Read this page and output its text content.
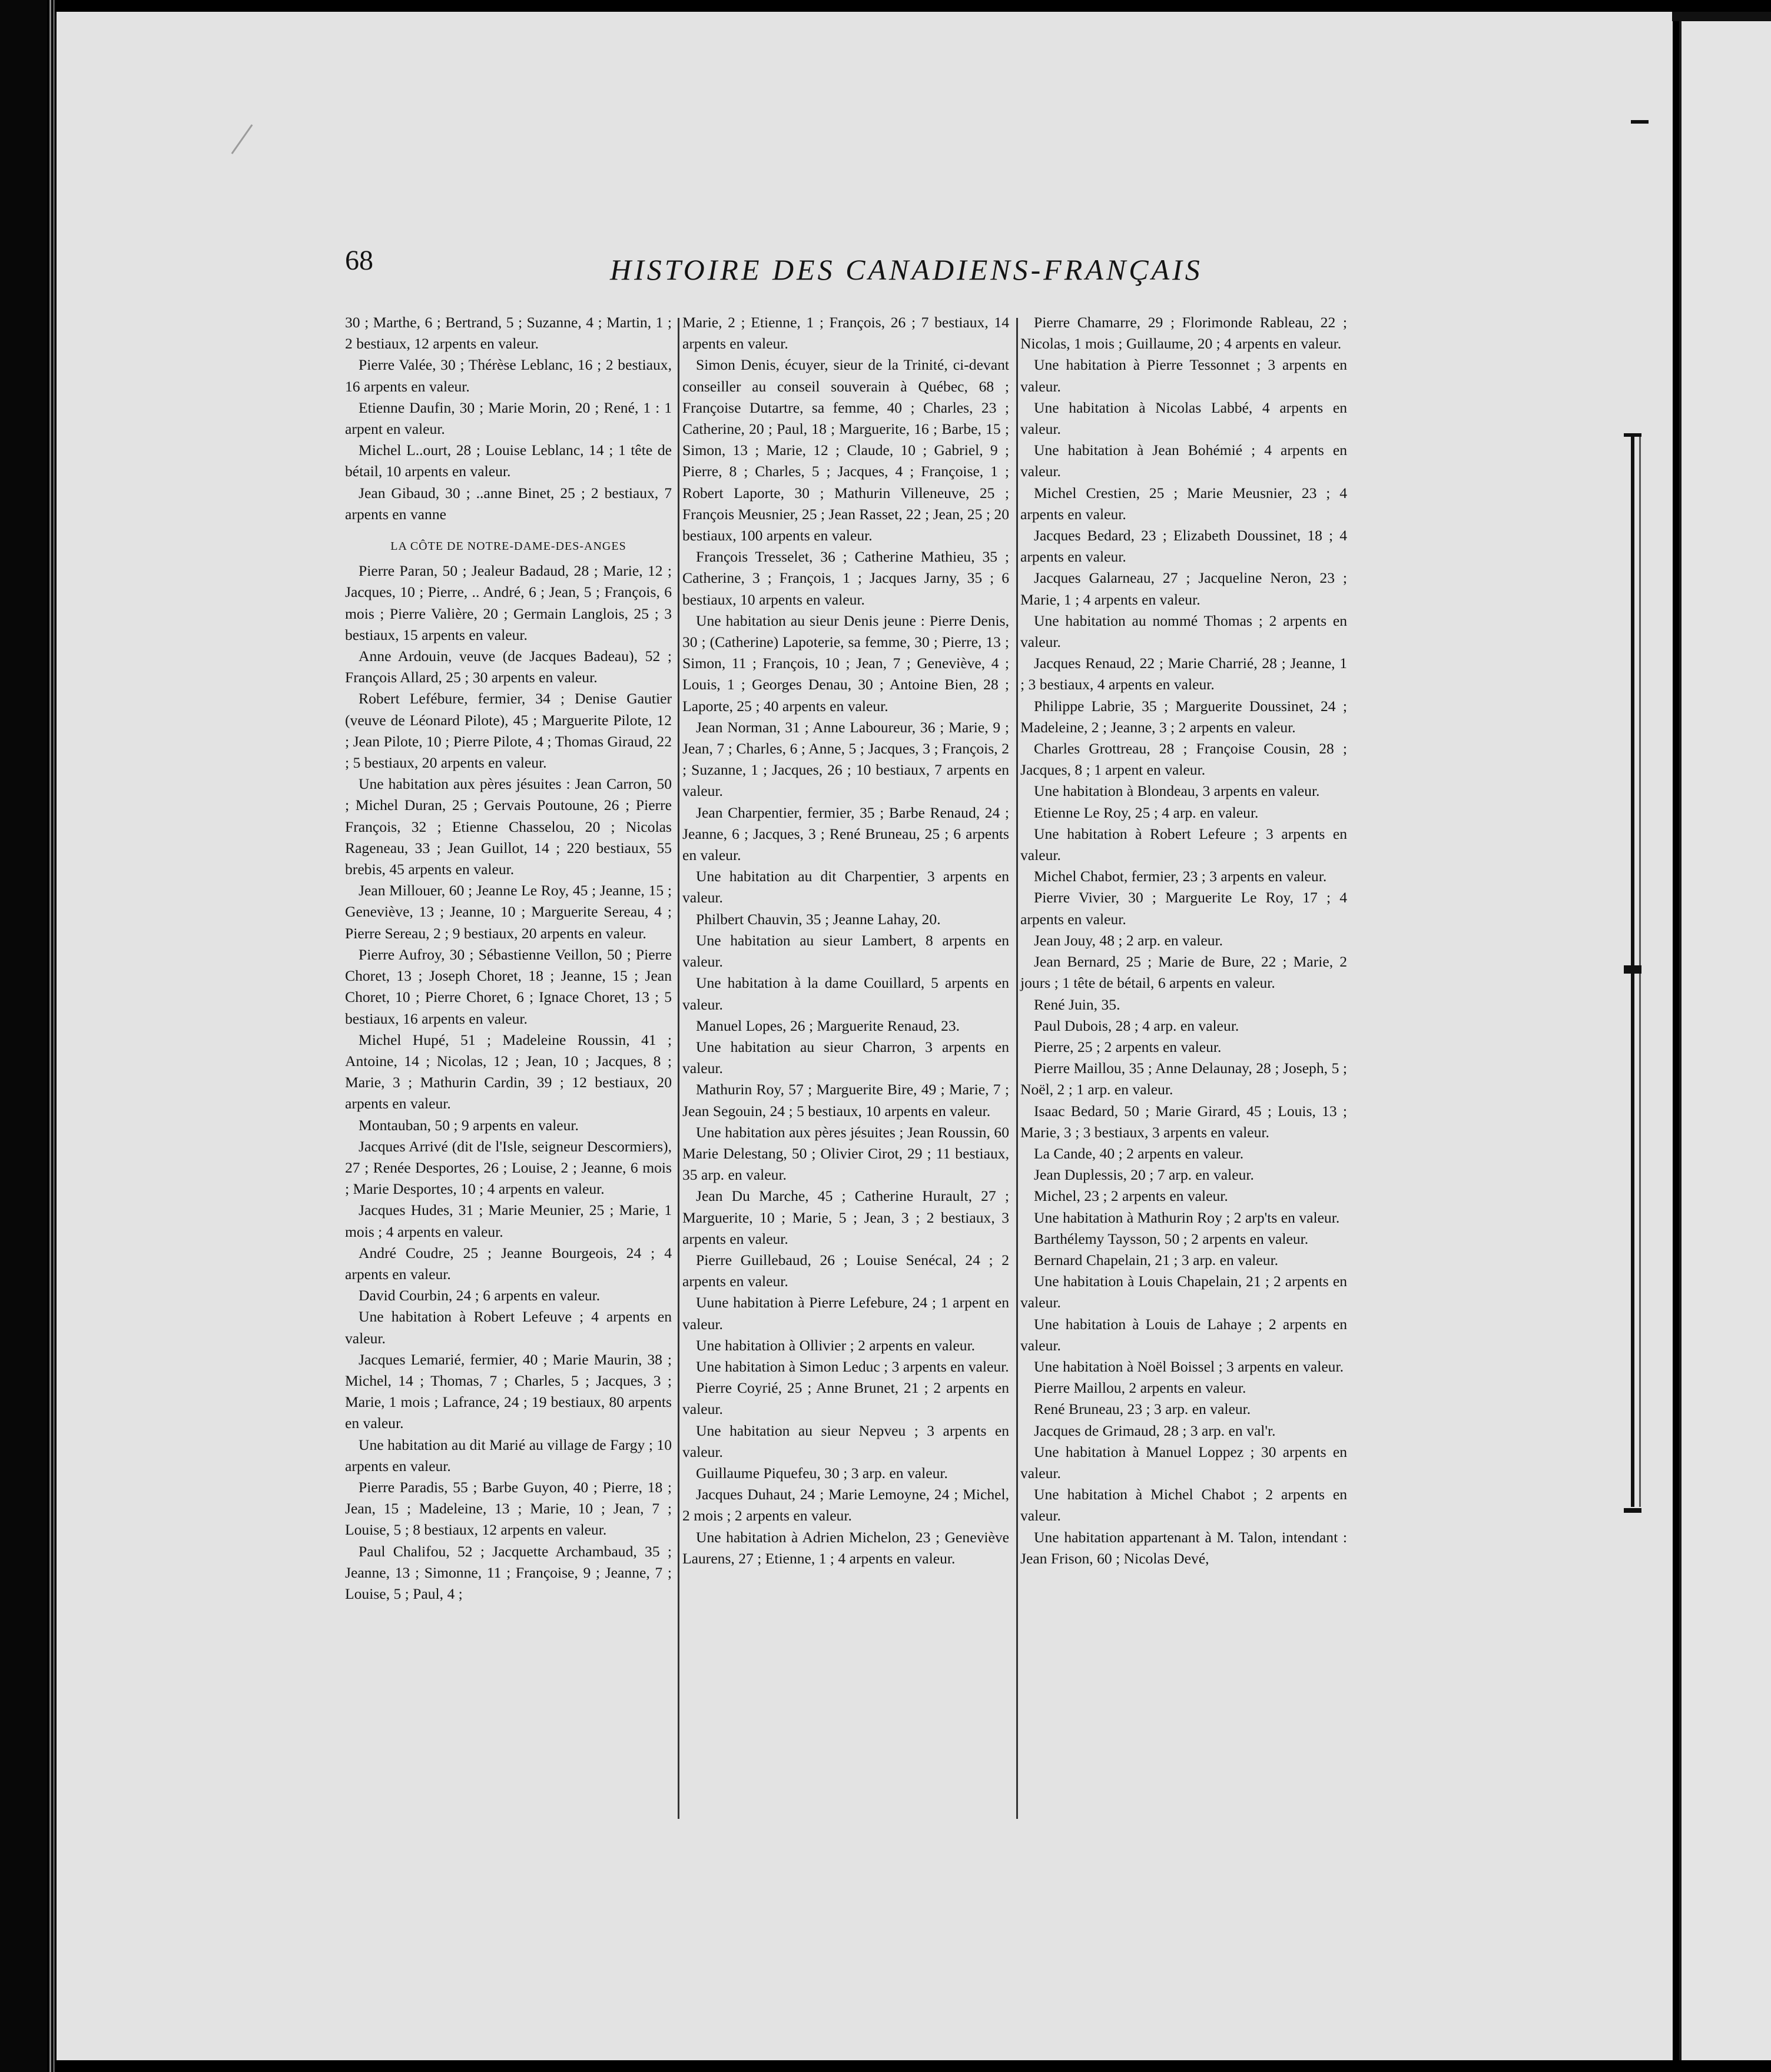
68	HISTOIRE DES CANADIENS-FRANÇAIS

30 ; Marthe, 6 ; Bertrand, 5 ; Suzanne, 4 ; Martin, 1 ; 2 bestiaux, 12 arpents en valeur.

Pierre Valée, 30 ; Thérèse Leblanc, 16 ; 2 bestiaux, 16 arpents en valeur.

Etienne Daufin, 30 ; Marie Morin, 20 ; René, 1 : 1 arpent en valeur.

Michel L..ourt, 28 ; Louise Leblanc, 14 ; 1 tête de bétail, 10 arpents en valeur.

Jean Gibaud, 30 ; ..anne Binet, 25 ; 2 bestiaux, 7 arpents en vanne

LA CÔTE DE NOTRE-DAME-DES-ANGES

Pierre Paran, 50 ; Jealeur Badaud, 28 ; Marie, 12 ; Jacques, 10 ; Pierre, .. André, 6 ; Jean, 5 ; François, 6 mois ; Pierre Valière, 20 ; Germain Langlois, 25 ; 3 bestiaux, 15 arpents en valeur.

Anne Ardouin, veuve (de Jacques Badeau), 52 ; François Allard, 25 ; 30 arpents en valeur.

Robert Lefébure, fermier, 34 ; Denise Gautier (veuve de Léonard Pilote), 45 ; Marguerite Pilote, 12 ; Jean Pilote, 10 ; Pierre Pilote, 4 ; Thomas Giraud, 22 ; 5 bestiaux, 20 arpents en valeur.

Une habitation aux pères jésuites : Jean Carron, 50 ; Michel Duran, 25 ; Gervais Poutoune, 26 ; Pierre François, 32 ; Etienne Chasselou, 20 ; Nicolas Rageneau, 33 ; Jean Guillot, 14 ; 220 bestiaux, 55 brebis, 45 arpents en valeur.

Jean Millouer, 60 ; Jeanne Le Roy, 45 ; Jeanne, 15 ; Geneviève, 13 ; Jeanne, 10 ; Marguerite Sereau, 4 ; Pierre Sereau, 2 ; 9 bestiaux, 20 arpents en valeur.

Pierre Aufroy, 30 ; Sébastienne Veillon, 50 ; Pierre Choret, 13 ; Joseph Choret, 18 ; Jeanne, 15 ; Jean Choret, 10 ; Pierre Choret, 6 ; Ignace Choret, 13 ; 5 bestiaux, 16 arpents en valeur.

Michel Hupé, 51 ; Madeleine Roussin, 41 ; Antoine, 14 ; Nicolas, 12 ; Jean, 10 ; Jacques, 8 ; Marie, 3 ; Mathurin Cardin, 39 ; 12 bestiaux, 20 arpents en valeur.

Montauban, 50 ; 9 arpents en valeur.

Jacques Arrivé (dit de l'Isle, seigneur Descormiers), 27 ; Renée Desportes, 26 ; Louise, 2 ; Jeanne, 6 mois ; Marie Desportes, 10 ; 4 arpents en valeur.

Jacques Hudes, 31 ; Marie Meunier, 25 ; Marie, 1 mois ; 4 arpents en valeur.

André Coudre, 25 ; Jeanne Bourgeois, 24 ; 4 arpents en valeur.

David Courbin, 24 ; 6 arpents en valeur.

Une habitation à Robert Lefeuve ; 4 arpents en valeur.

Jacques Lemarié, fermier, 40 ; Marie Maurin, 38 ; Michel, 14 ; Thomas, 7 ; Charles, 5 ; Jacques, 3 ; Marie, 1 mois ; Lafrance, 24 ; 19 bestiaux, 80 arpents en valeur.

Une habitation au dit Marié au village de Fargy ; 10 arpents en valeur.

Pierre Paradis, 55 ; Barbe Guyon, 40 ; Pierre, 18 ; Jean, 15 ; Madeleine, 13 ; Marie, 10 ; Jean, 7 ; Louise, 5 ; 8 bestiaux, 12 arpents en valeur.

Paul Chalifou, 52 ; Jacquette Archambaud, 35 ; Jeanne, 13 ; Simonne, 11 ; Françoise, 9 ; Jeanne, 7 ; Louise, 5 ; Paul, 4 ;

Marie, 2 ; Etienne, 1 ; François, 26 ; 7 bestiaux, 14 arpents en valeur.

Simon Denis, écuyer, sieur de la Trinité, ci-devant conseiller au conseil souverain à Québec, 68 ; Françoise Dutartre, sa femme, 40 ; Charles, 23 ; Catherine, 20 ; Paul, 18 ; Marguerite, 16 ; Barbe, 15 ; Simon, 13 ; Marie, 12 ; Claude, 10 ; Gabriel, 9 ; Pierre, 8 ; Charles, 5 ; Jacques, 4 ; Françoise, 1 ; Robert Laporte, 30 ; Mathurin Villeneuve, 25 ; François Meusnier, 25 ; Jean Rasset, 22 ; Jean, 25 ; 20 bestiaux, 100 arpents en valeur.

François Tresselet, 36 ; Catherine Mathieu, 35 ; Catherine, 3 ; François, 1 ; Jacques Jarny, 35 ; 6 bestiaux, 10 arpents en valeur.

Une habitation au sieur Denis jeune : Pierre Denis, 30 ; (Catherine) Lapoterie, sa femme, 30 ; Pierre, 13 ; Simon, 11 ; François, 10 ; Jean, 7 ; Geneviève, 4 ; Louis, 1 ; Georges Denau, 30 ; Antoine Bien, 28 ; Laporte, 25 ; 40 arpents en valeur.

Jean Norman, 31 ; Anne Laboureur, 36 ; Marie, 9 ; Jean, 7 ; Charles, 6 ; Anne, 5 ; Jacques, 3 ; François, 2 ; Suzanne, 1 ; Jacques, 26 ; 10 bestiaux, 7 arpents en valeur.

Jean Charpentier, fermier, 35 ; Barbe Renaud, 24 ; Jeanne, 6 ; Jacques, 3 ; René Bruneau, 25 ; 6 arpents en valeur.

Une habitation au dit Charpentier, 3 arpents en valeur.

Philbert Chauvin, 35 ; Jeanne Lahay, 20.

Une habitation au sieur Lambert, 8 arpents en valeur.

Une habitation à la dame Couillard, 5 arpents en valeur.

Manuel Lopes, 26 ; Marguerite Renaud, 23.

Une habitation au sieur Charron, 3 arpents en valeur.

Mathurin Roy, 57 ; Marguerite Bire, 49 ; Marie, 7 ; Jean Segouin, 24 ; 5 bestiaux, 10 arpents en valeur.

Une habitation aux pères jésuites ; Jean Roussin, 60 Marie Delestang, 50 ; Olivier Cirot, 29 ; 11 bestiaux, 35 arp. en valeur.

Jean Du Marche, 45 ; Catherine Hurault, 27 ; Marguerite, 10 ; Marie, 5 ; Jean, 3 ; 2 bestiaux, 3 arpents en valeur.

Pierre Guillebaud, 26 ; Louise Senécal, 24 ; 2 arpents en valeur.

Uune habitation à Pierre Lefebure, 24 ; 1 arpent en valeur.

Une habitation à Ollivier ; 2 arpents en valeur.

Une habitation à Simon Leduc ; 3 arpents en valeur.

Pierre Coyrié, 25 ; Anne Brunet, 21 ; 2 arpents en valeur.

Une habitation au sieur Nepveu ; 3 arpents en valeur.

Guillaume Piquefeu, 30 ; 3 arp. en valeur.

Jacques Duhaut, 24 ; Marie Lemoyne, 24 ; Michel, 2 mois ; 2 arpents en valeur.

Une habitation à Adrien Michelon, 23 ; Geneviève Laurens, 27 ; Etienne, 1 ; 4 arpents en valeur.

Pierre Chamarre, 29 ; Florimonde Rableau, 22 ; Nicolas, 1 mois ; Guillaume, 20 ; 4 arpents en valeur.

Une habitation à Pierre Tessonnet ; 3 arpents en valeur.

Une habitation à Nicolas Labbé, 4 arpents en valeur.

Une habitation à Jean Bohémié ; 4 arpents en valeur.

Michel Crestien, 25 ; Marie Meusnier, 23 ; 4 arpents en valeur.

Jacques Bedard, 23 ; Elizabeth Doussinet, 18 ; 4 arpents en valeur.

Jacques Galarneau, 27 ; Jacqueline Neron, 23 ; Marie, 1 ; 4 arpents en valeur.

Une habitation au nommé Thomas ; 2 arpents en valeur.

Jacques Renaud, 22 ; Marie Charrié, 28 ; Jeanne, 1 ; 3 bestiaux, 4 arpents en valeur.

Philippe Labrie, 35 ; Marguerite Doussinet, 24 ; Madeleine, 2 ; Jeanne, 3 ; 2 arpents en valeur.

Charles Grottreau, 28 ; Françoise Cousin, 28 ; Jacques, 8 ; 1 arpent en valeur.

Une habitation à Blondeau, 3 arpents en valeur.

Etienne Le Roy, 25 ; 4 arp. en valeur.

Une habitation à Robert Lefeure ; 3 arpents en valeur.

Michel Chabot, fermier, 23 ; 3 arpents en valeur.

Pierre Vivier, 30 ; Marguerite Le Roy, 17 ; 4 arpents en valeur.

Jean Jouy, 48 ; 2 arp. en valeur.

Jean Bernard, 25 ; Marie de Bure, 22 ; Marie, 2 jours ; 1 tête de bétail, 6 arpents en valeur.

René Juin, 35.

Paul Dubois, 28 ; 4 arp. en valeur.

Pierre, 25 ; 2 arpents en valeur.

Pierre Maillou, 35 ; Anne Delaunay, 28 ; Joseph, 5 ; Noël, 2 ; 1 arp. en valeur.

Isaac Bedard, 50 ; Marie Girard, 45 ; Louis, 13 ; Marie, 3 ; 3 bestiaux, 3 arpents en valeur.

La Cande, 40 ; 2 arpents en valeur.

Jean Duplessis, 20 ; 7 arp. en valeur.

Michel, 23 ; 2 arpents en valeur.

Une habitation à Mathurin Roy ; 2 arp'ts en valeur.

Barthélemy Taysson, 50 ; 2 arpents en valeur.

Bernard Chapelain, 21 ; 3 arp. en valeur.

Une habitation à Louis Chapelain, 21 ; 2 arpents en valeur.

Une habitation à Louis de Lahaye ; 2 arpents en valeur.

Une habitation à Noël Boissel ; 3 arpents en valeur.

Pierre Maillou, 2 arpents en valeur.

René Bruneau, 23 ; 3 arp. en valeur.

Jacques de Grimaud, 28 ; 3 arp. en val'r.

Une habitation à Manuel Loppez ; 30 arpents en valeur.

Une habitation à Michel Chabot ; 2 arpents en valeur.

Une habitation appartenant à M. Talon, intendant : Jean Frison, 60 ; Nicolas Devé,
